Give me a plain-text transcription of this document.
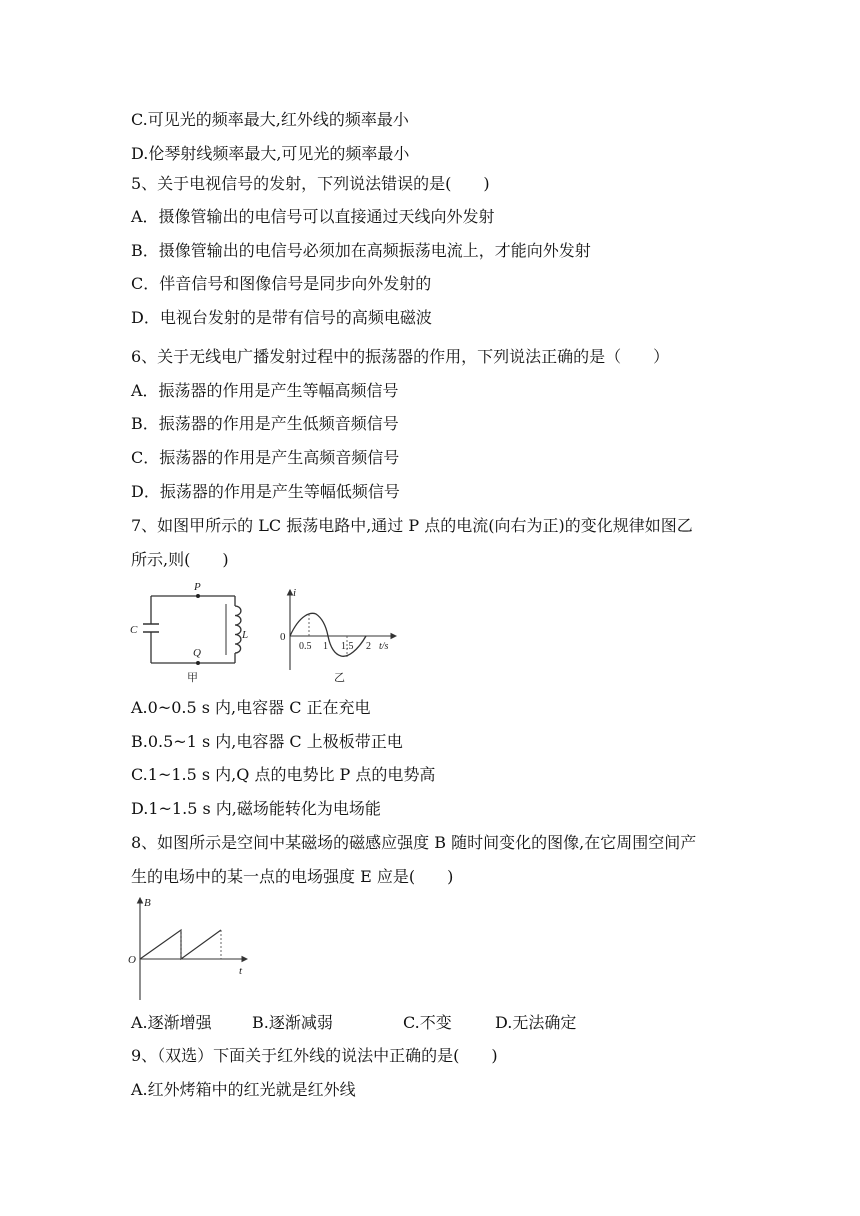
C.可见光的频率最大,红外线的频率最小
D.伦琴射线频率最大,可见光的频率最小
5、关于电视信号的发射，下列说法错误的是(　　)
A．摄像管输出的电信号可以直接通过天线向外发射
B．摄像管输出的电信号必须加在高频振荡电流上，才能向外发射
C．伴音信号和图像信号是同步向外发射的
D．电视台发射的是带有信号的高频电磁波
6、关于无线电广播发射过程中的振荡器的作用，下列说法正确的是（　　）
A．振荡器的作用是产生等幅高频信号
B．振荡器的作用是产生低频音频信号
C．振荡器的作用是产生高频音频信号
D．振荡器的作用是产生等幅低频信号
7、如图甲所示的 LC 振荡电路中,通过 P 点的电流(向右为正)的变化规律如图乙
所示,则(　　)
P
Q
C	L
甲
i
0
0.5 1 1.5 2 t/s
乙
A.0~0.5 s 内,电容器 C 正在充电
B.0.5~1 s 内,电容器 C 上极板带正电
C.1~1.5 s 内,Q 点的电势比 P 点的电势高
D.1~1.5 s 内,磁场能转化为电场能
8、如图所示是空间中某磁场的磁感应强度 B 随时间变化的图像,在它周围空间产
生的电场中的某一点的电场强度 E 应是(　　)
B
O
t
A.逐渐增强	B.逐渐减弱	C.不变	D.无法确定
9、（双选）下面关于红外线的说法中正确的是(　　)
A.红外烤箱中的红光就是红外线
